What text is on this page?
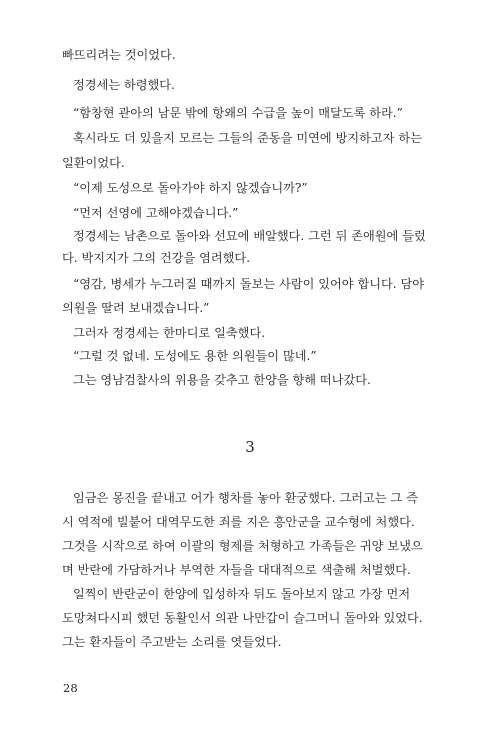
빠뜨리려는 것이었다.

정경세는 하령했다.

“함창현 관아의 남문 밖에 항왜의 수급을 높이 매달도록 하라.”

혹시라도 더 있을지 모르는 그들의 준동을 미연에 방지하고자 하는

일환이었다.

“이제 도성으로 돌아가야 하지 않겠습니까?”

“먼저 선영에 고해야겠습니다.”

정경세는 남촌으로 돌아와 선묘에 배알했다. 그런 뒤 존애원에 들렀

다. 박지지가 그의 건강을 염려했다.

“영감, 병세가 누그러질 때까지 돌보는 사람이 있어야 합니다. 담야

의원을 딸려 보내겠습니다.”

그러자 정경세는 한마디로 일축했다.

“그럴 것 없네. 도성에도 용한 의원들이 많네.”

그는 영남검찰사의 위용을 갖추고 한양을 향해 떠나갔다.

3

임금은 몽진을 끝내고 어가 행차를 놓아 환궁했다. 그러고는 그 즉

시 역적에 빌붙어 대역무도한 죄를 지은 흥안군을 교수형에 처했다.

그것을 시작으로 하여 이괄의 형제를 처형하고 가족들은 귀양 보냈으

며 반란에 가담하거나 부역한 자들을 대대적으로 색출해 처벌했다.

일찍이 반란군이 한양에 입성하자 뒤도 돌아보지 않고 가장 먼저

도망쳐다시피 했던 동활인서 의관 나만갑이 슬그머니 돌아와 있었다.

그는 환자들이 주고받는 소리를 엿들었다.

28
